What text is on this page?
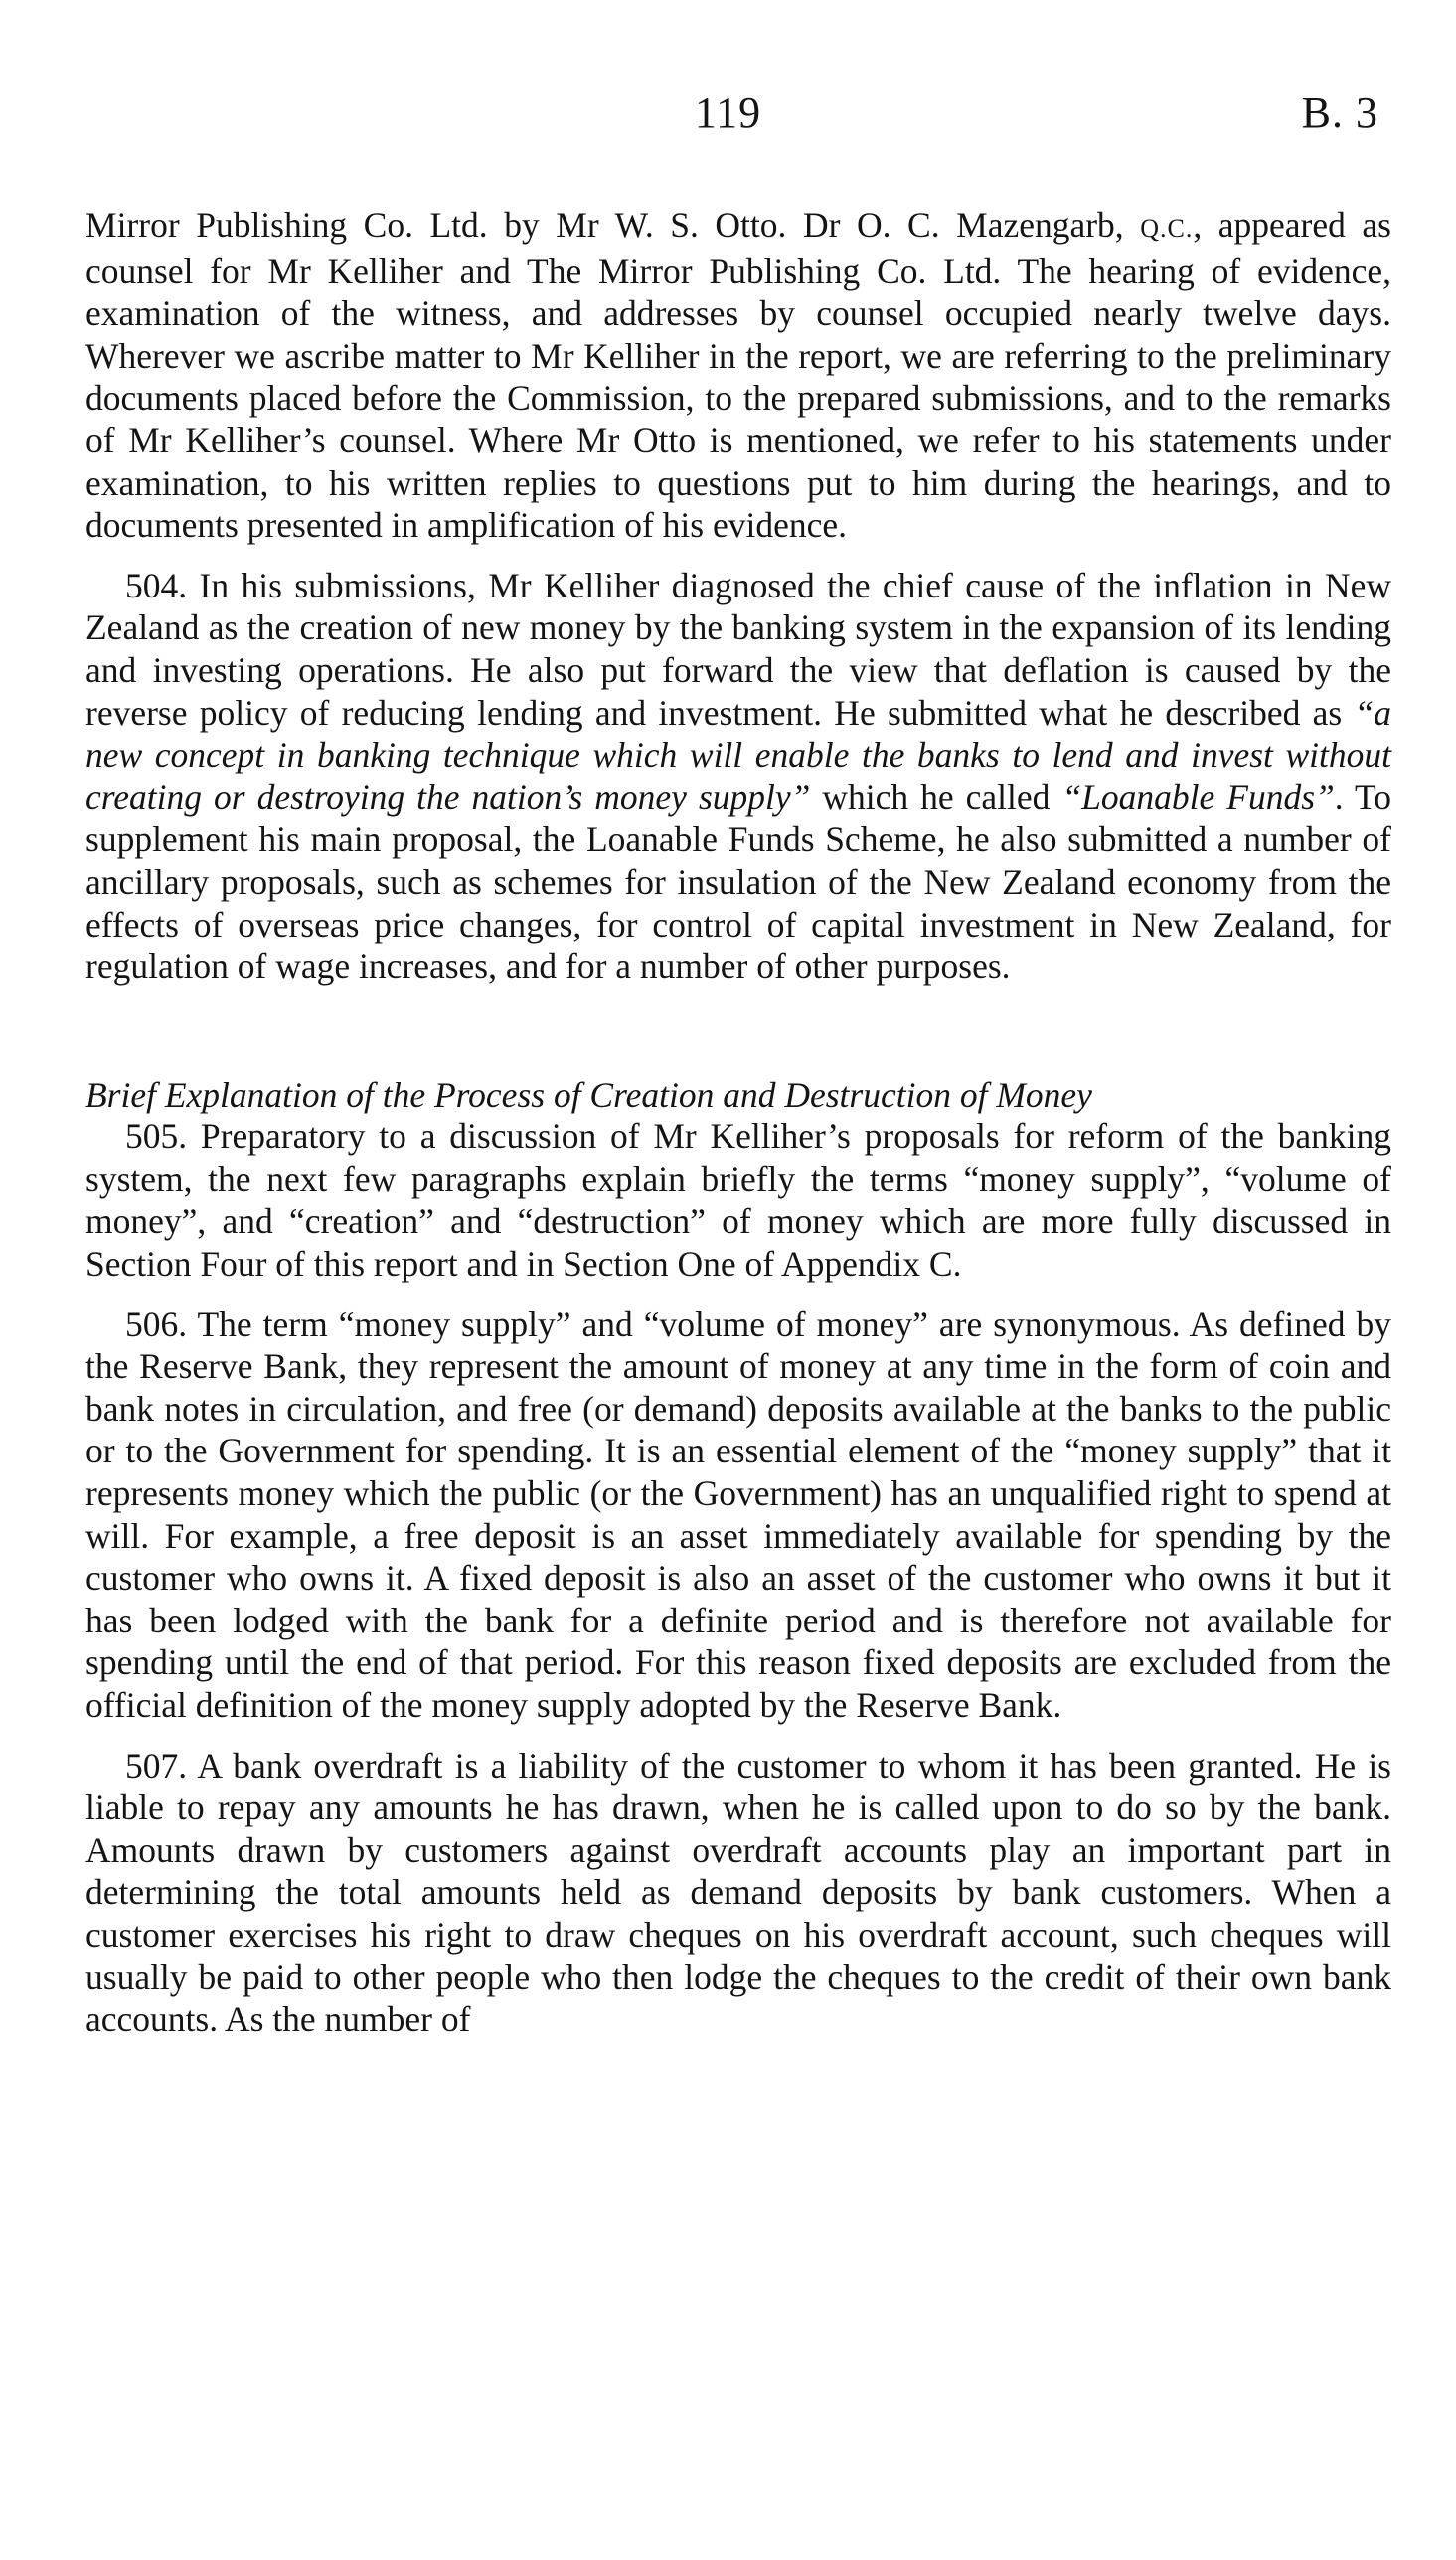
119	B. 3

Mirror Publishing Co. Ltd. by Mr W. S. Otto. Dr O. C. Mazengarb, Q.C., appeared as counsel for Mr Kelliher and The Mirror Publishing Co. Ltd. The hearing of evidence, examination of the witness, and addresses by counsel occupied nearly twelve days. Wherever we ascribe matter to Mr Kelliher in the report, we are referring to the preliminary documents placed before the Commission, to the prepared submissions, and to the remarks of Mr Kelliher’s counsel. Where Mr Otto is mentioned, we refer to his statements under examination, to his written replies to questions put to him during the hearings, and to documents presented in amplification of his evidence.

504. In his submissions, Mr Kelliher diagnosed the chief cause of the inflation in New Zealand as the creation of new money by the banking system in the expansion of its lending and investing operations. He also put forward the view that deflation is caused by the reverse policy of reducing lending and investment. He submitted what he described as “a new concept in banking technique which will enable the banks to lend and invest without creating or destroying the nation’s money supply” which he called “Loanable Funds”. To supplement his main proposal, the Loanable Funds Scheme, he also submitted a number of ancillary proposals, such as schemes for insulation of the New Zealand economy from the effects of overseas price changes, for control of capital investment in New Zealand, for regulation of wage increases, and for a number of other purposes.

Brief Explanation of the Process of Creation and Destruction of Money

505. Preparatory to a discussion of Mr Kelliher’s proposals for reform of the banking system, the next few paragraphs explain briefly the terms “money supply”, “volume of money”, and “creation” and “destruction” of money which are more fully discussed in Section Four of this report and in Section One of Appendix C.

506. The term “money supply” and “volume of money” are synonymous. As defined by the Reserve Bank, they represent the amount of money at any time in the form of coin and bank notes in circulation, and free (or demand) deposits available at the banks to the public or to the Government for spending. It is an essential element of the “money supply” that it represents money which the public (or the Government) has an unqualified right to spend at will. For example, a free deposit is an asset immediately available for spending by the customer who owns it. A fixed deposit is also an asset of the customer who owns it but it has been lodged with the bank for a definite period and is therefore not available for spending until the end of that period. For this reason fixed deposits are excluded from the official definition of the money supply adopted by the Reserve Bank.

507. A bank overdraft is a liability of the customer to whom it has been granted. He is liable to repay any amounts he has drawn, when he is called upon to do so by the bank. Amounts drawn by customers against overdraft accounts play an important part in determining the total amounts held as demand deposits by bank customers. When a customer exercises his right to draw cheques on his overdraft account, such cheques will usually be paid to other people who then lodge the cheques to the credit of their own bank accounts. As the number of
